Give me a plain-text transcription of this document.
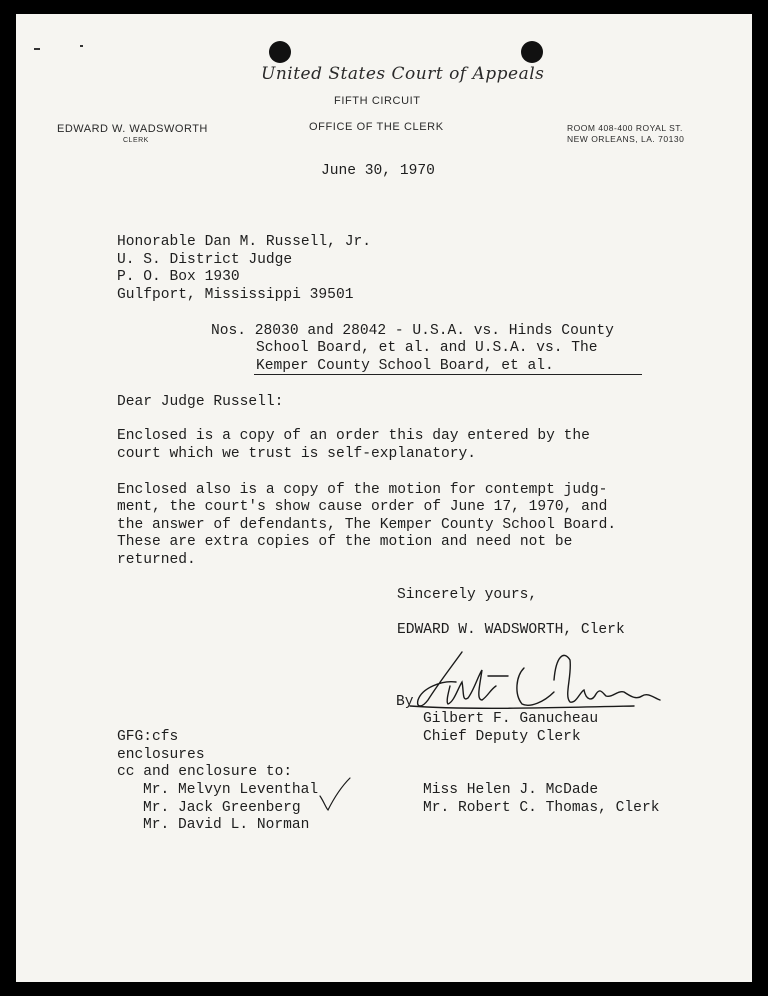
United States Court of Appeals
FIFTH CIRCUIT
EDWARD W. WADSWORTH
CLERK
OFFICE OF THE CLERK	ROOM 408-400 ROYAL ST.
NEW ORLEANS, LA. 70130
June 30, 1970
Honorable Dan M. Russell, Jr.
U. S. District Judge
P. O. Box 1930
Gulfport, Mississippi 39501
Nos. 28030 and 28042 - U.S.A. vs. Hinds County
School Board, et al. and U.S.A. vs. The
Kemper County School Board, et al.
Dear Judge Russell:
Enclosed is a copy of an order this day entered by the
court which we trust is self-explanatory.
Enclosed also is a copy of the motion for contempt judg-
ment, the court's show cause order of June 17, 1970, and
the answer of defendants, The Kemper County School Board.
These are extra copies of the motion and need not be
returned.
Sincerely yours,
EDWARD W. WADSWORTH, Clerk
By
Gilbert F. Ganucheau
Chief Deputy Clerk
GFG:cfs
enclosures
cc and enclosure to:
Mr. Melvyn Leventhal
Mr. Jack Greenberg
Mr. David L. Norman
Miss Helen J. McDade
Mr. Robert C. Thomas, Clerk
